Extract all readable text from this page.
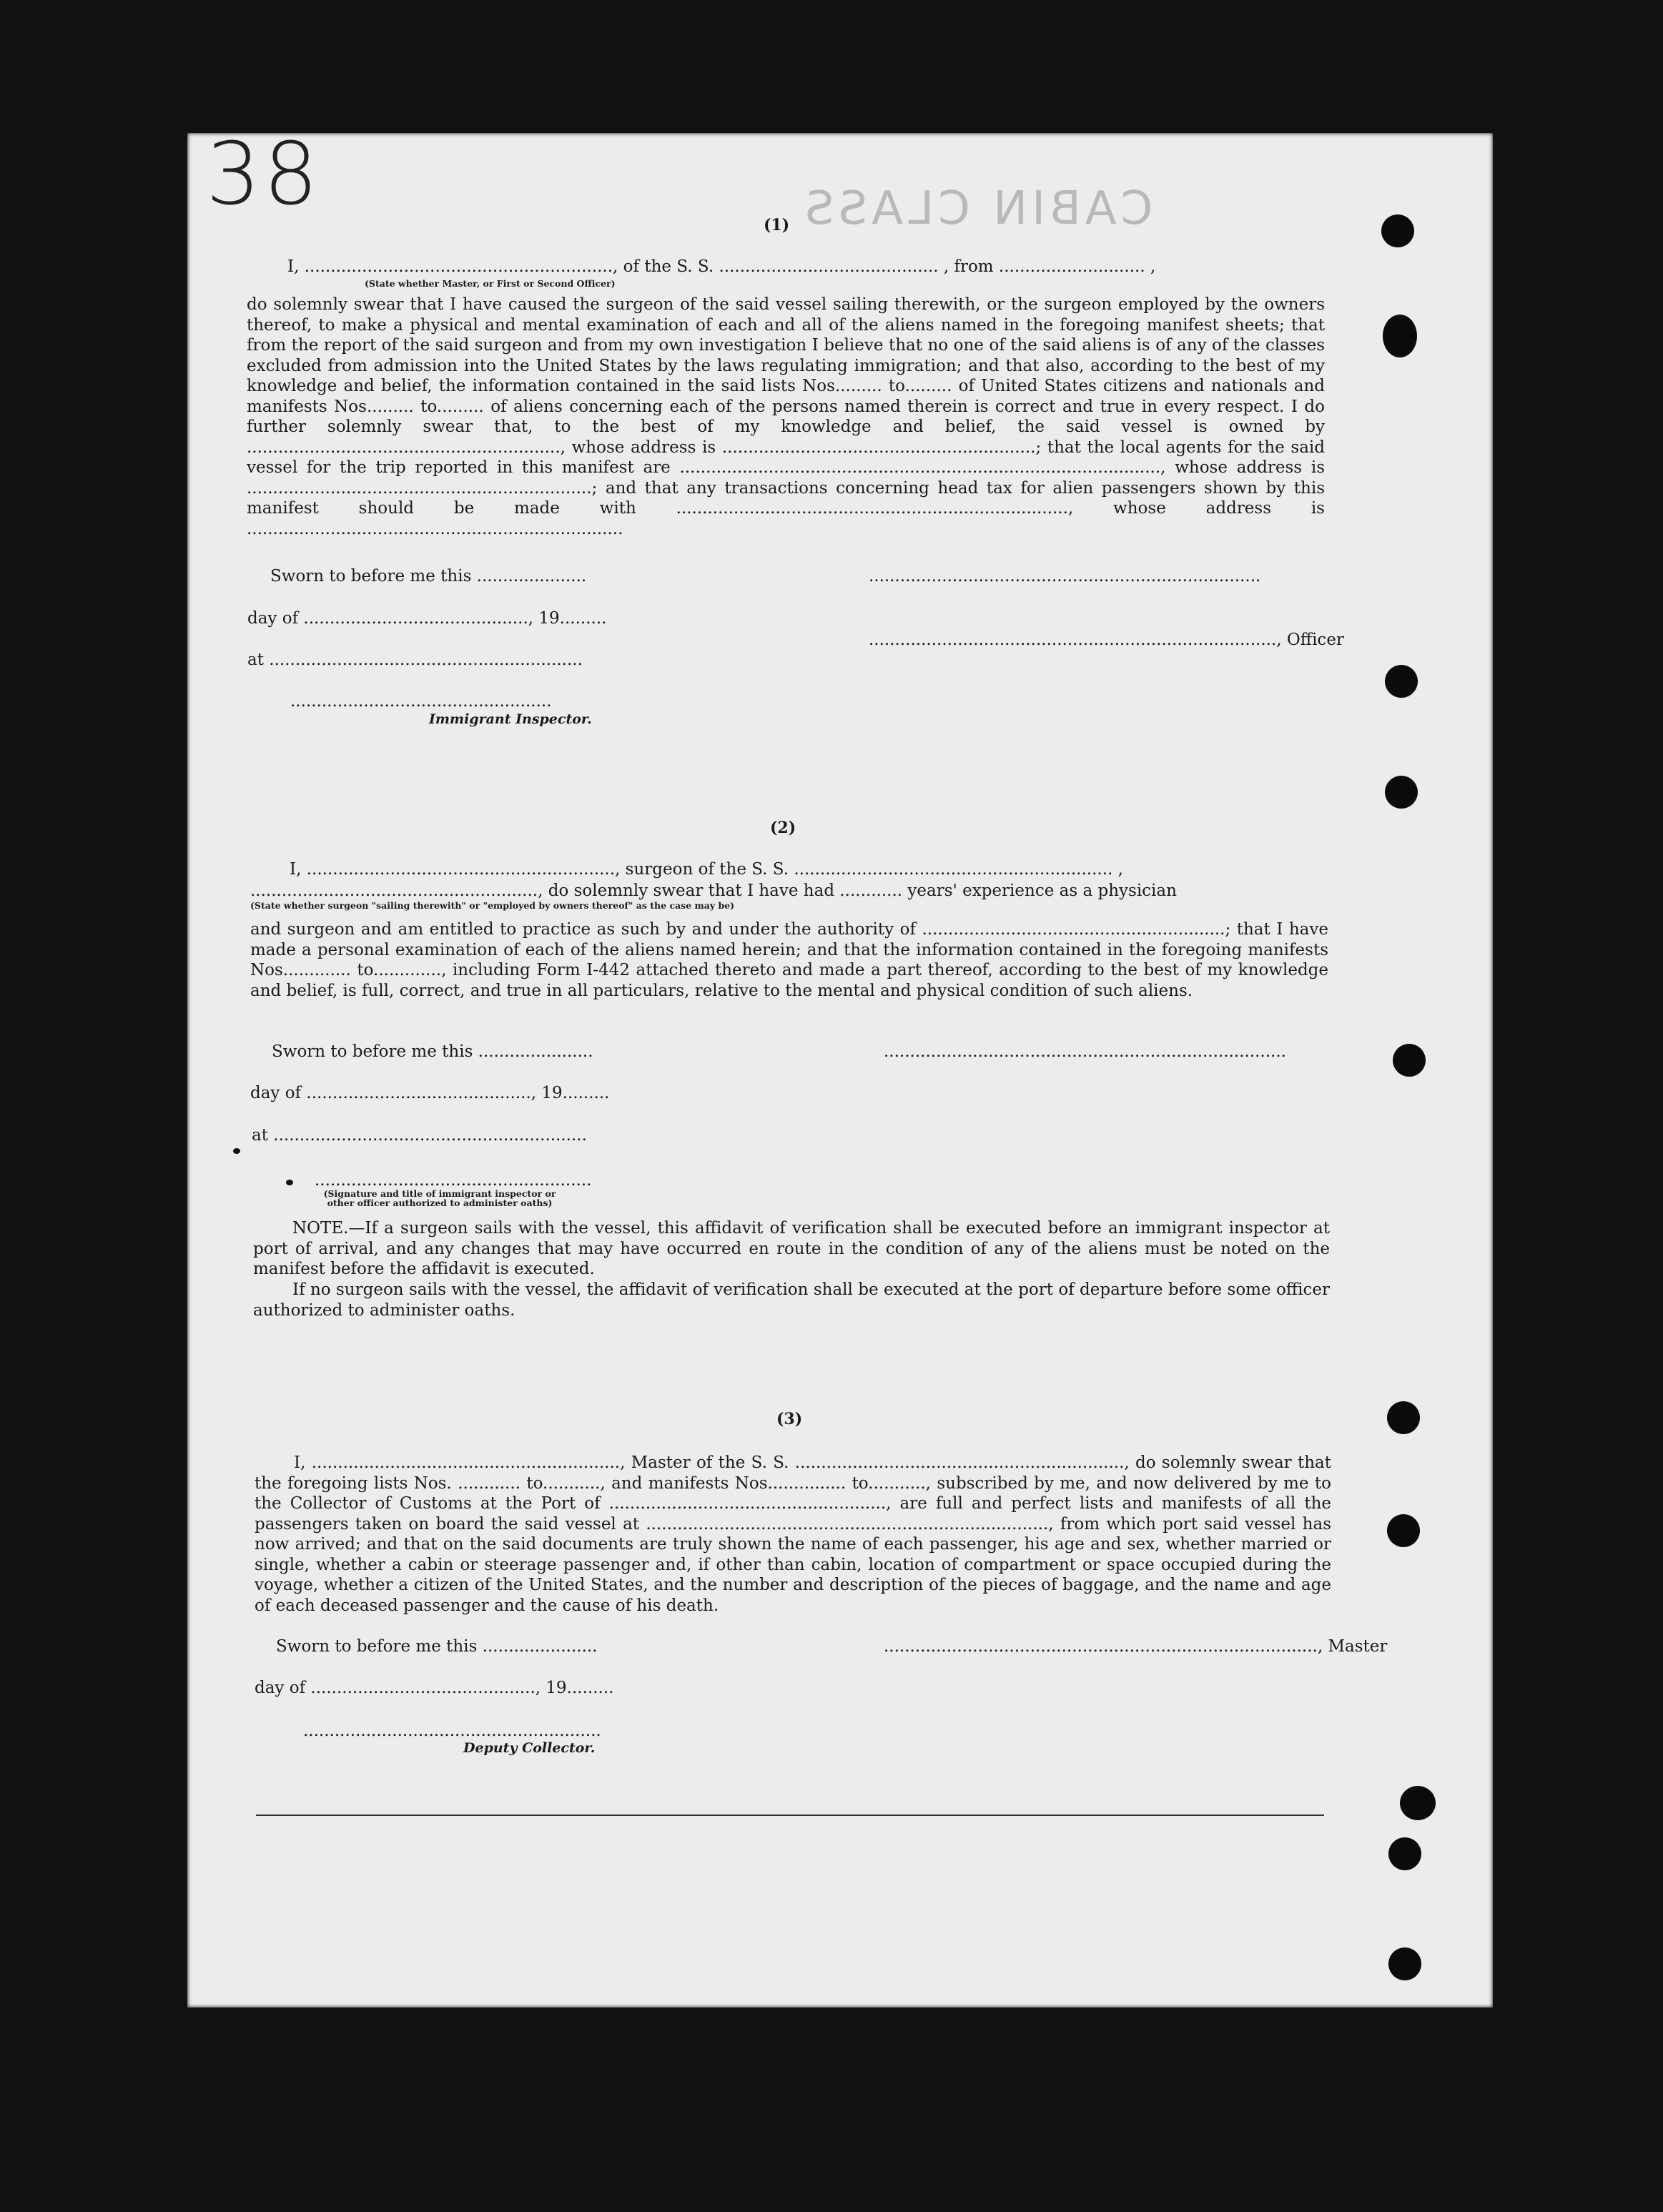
38	CABIN CLASS
(1)
I, ..........................................................., of the S. S. .......................................... , from ............................ ,
(State whether Master, or First or Second Officer)
do solemnly swear that I have caused the surgeon of the said vessel sailing therewith, or the surgeon employed by the owners thereof, to make a physical and mental examination of each and all of the aliens named in the foregoing manifest sheets; that from the report of the said surgeon and from my own investigation I believe that no one of the said aliens is of any of the classes excluded from admission into the United States by the laws regulating immigration; and that also, according to the best of my knowledge and belief, the information contained in the said lists Nos......... to......... of United States citizens and nationals and manifests Nos......... to......... of aliens concerning each of the persons named therein is correct and true in every respect. I do further solemnly swear that, to the best of my knowledge and belief, the said vessel is owned by ............................................................, whose address is ............................................................; that the local agents for the said vessel for the trip reported in this manifest are ............................................................................................, whose address is ..................................................................; and that any transactions concerning head tax for alien passengers shown by this manifest should be made with ..........................................................................., whose address is ........................................................................
Sworn to before me this .....................	...........................................................................
day of ..........................................., 19.........
.............................................................................., Officer
at ............................................................
..................................................
Immigrant Inspector.
(2)
I, ..........................................................., surgeon of the S. S. ............................................................. ,
......................................................., do solemnly swear that I have had ............ years' experience as a physician
(State whether surgeon "sailing therewith" or "employed by owners thereof" as the case may be)
and surgeon and am entitled to practice as such by and under the authority of ..........................................................; that I have made a personal examination of each of the aliens named herein; and that the information contained in the foregoing manifests Nos............. to............., including Form I-442 attached thereto and made a part thereof, according to the best of my knowledge and belief, is full, correct, and true in all particulars, relative to the mental and physical condition of such aliens.
Sworn to before me this ......................	.............................................................................
day of ..........................................., 19.........
at ............................................................
.....................................................
(Signature and title of immigrant inspector or other officer authorized to administer oaths)
NOTE.—If a surgeon sails with the vessel, this affidavit of verification shall be executed before an immigrant inspector at port of arrival, and any changes that may have occurred en route in the condition of any of the aliens must be noted on the manifest before the affidavit is executed.
If no surgeon sails with the vessel, the affidavit of verification shall be executed at the port of departure before some officer authorized to administer oaths.
(3)
I, ..........................................................., Master of the S. S. ..............................................................., do solemnly swear that the foregoing lists Nos. ............ to..........., and manifests Nos............... to..........., subscribed by me, and now delivered by me to the Collector of Customs at the Port of ....................................................., are full and perfect lists and manifests of all the passengers taken on board the said vessel at ............................................................................., from which port said vessel has now arrived; and that on the said documents are truly shown the name of each passenger, his age and sex, whether married or single, whether a cabin or steerage passenger and, if other than cabin, location of compartment or space occupied during the voyage, whether a citizen of the United States, and the number and description of the pieces of baggage, and the name and age of each deceased passenger and the cause of his death.
Sworn to before me this ......................	..................................................................................., Master
day of ..........................................., 19.........
.........................................................
Deputy Collector.
